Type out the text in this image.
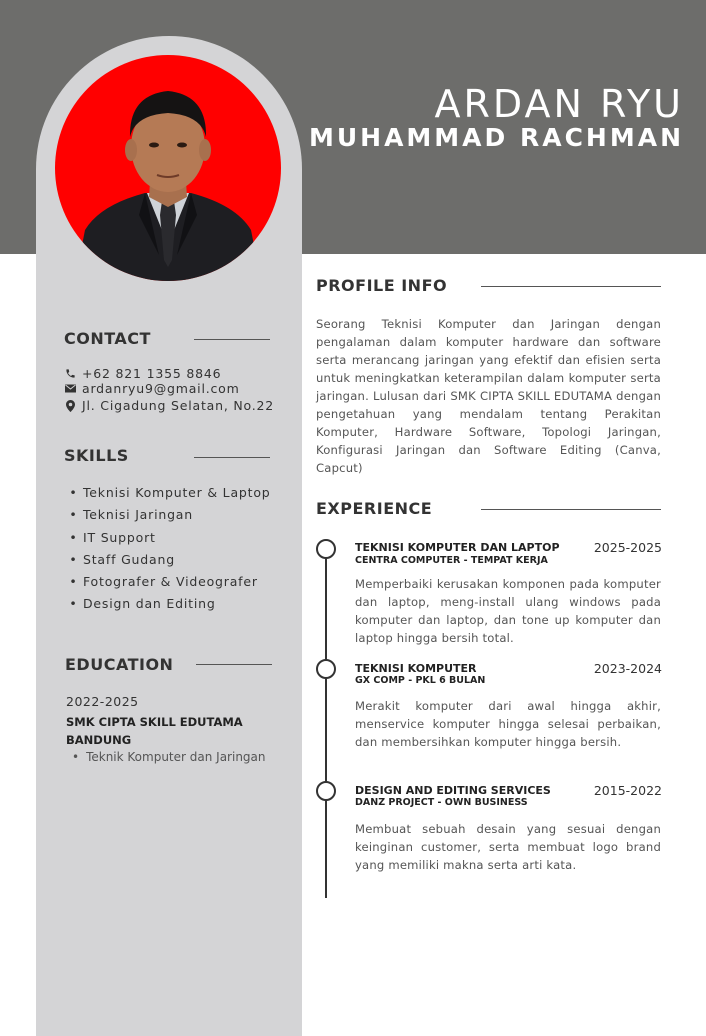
ARDAN RYU
MUHAMMAD RACHMAN
CONTACT
+62 821 1355 8846
ardanryu9@gmail.com
Jl. Cigadung Selatan, No.22
SKILLS
• Teknisi Komputer & Laptop
• Teknisi Jaringan
• IT Support
• Staff Gudang
• Fotografer & Videografer
• Design dan Editing
EDUCATION
2022-2025
SMK CIPTA SKILL EDUTAMA BANDUNG
• Teknik Komputer dan Jaringan
PROFILE INFO
Seorang Teknisi Komputer dan Jaringan dengan pengalaman dalam komputer hardware dan software serta merancang jaringan yang efektif dan efisien serta untuk meningkatkan keterampilan dalam komputer serta jaringan. Lulusan dari SMK CIPTA SKILL EDUTAMA dengan pengetahuan yang mendalam tentang Perakitan Komputer, Hardware Software, Topologi Jaringan, Konfigurasi Jaringan dan Software Editing (Canva, Capcut)
EXPERIENCE
TEKNISI KOMPUTER DAN LAPTOP
CENTRA COMPUTER - TEMPAT KERJA
2025-2025
Memperbaiki kerusakan komponen pada komputer dan laptop, meng-install ulang windows pada komputer dan laptop, dan tone up komputer dan laptop hingga bersih total.
TEKNISI KOMPUTER
GX COMP - PKL 6 BULAN
2023-2024
Merakit komputer dari awal hingga akhir, menservice komputer hingga selesai perbaikan, dan membersihkan komputer hingga bersih.
DESIGN AND EDITING SERVICES
DANZ PROJECT - OWN BUSINESS
2015-2022
Membuat sebuah desain yang sesuai dengan keinginan customer, serta membuat logo brand yang memiliki makna serta arti kata.
